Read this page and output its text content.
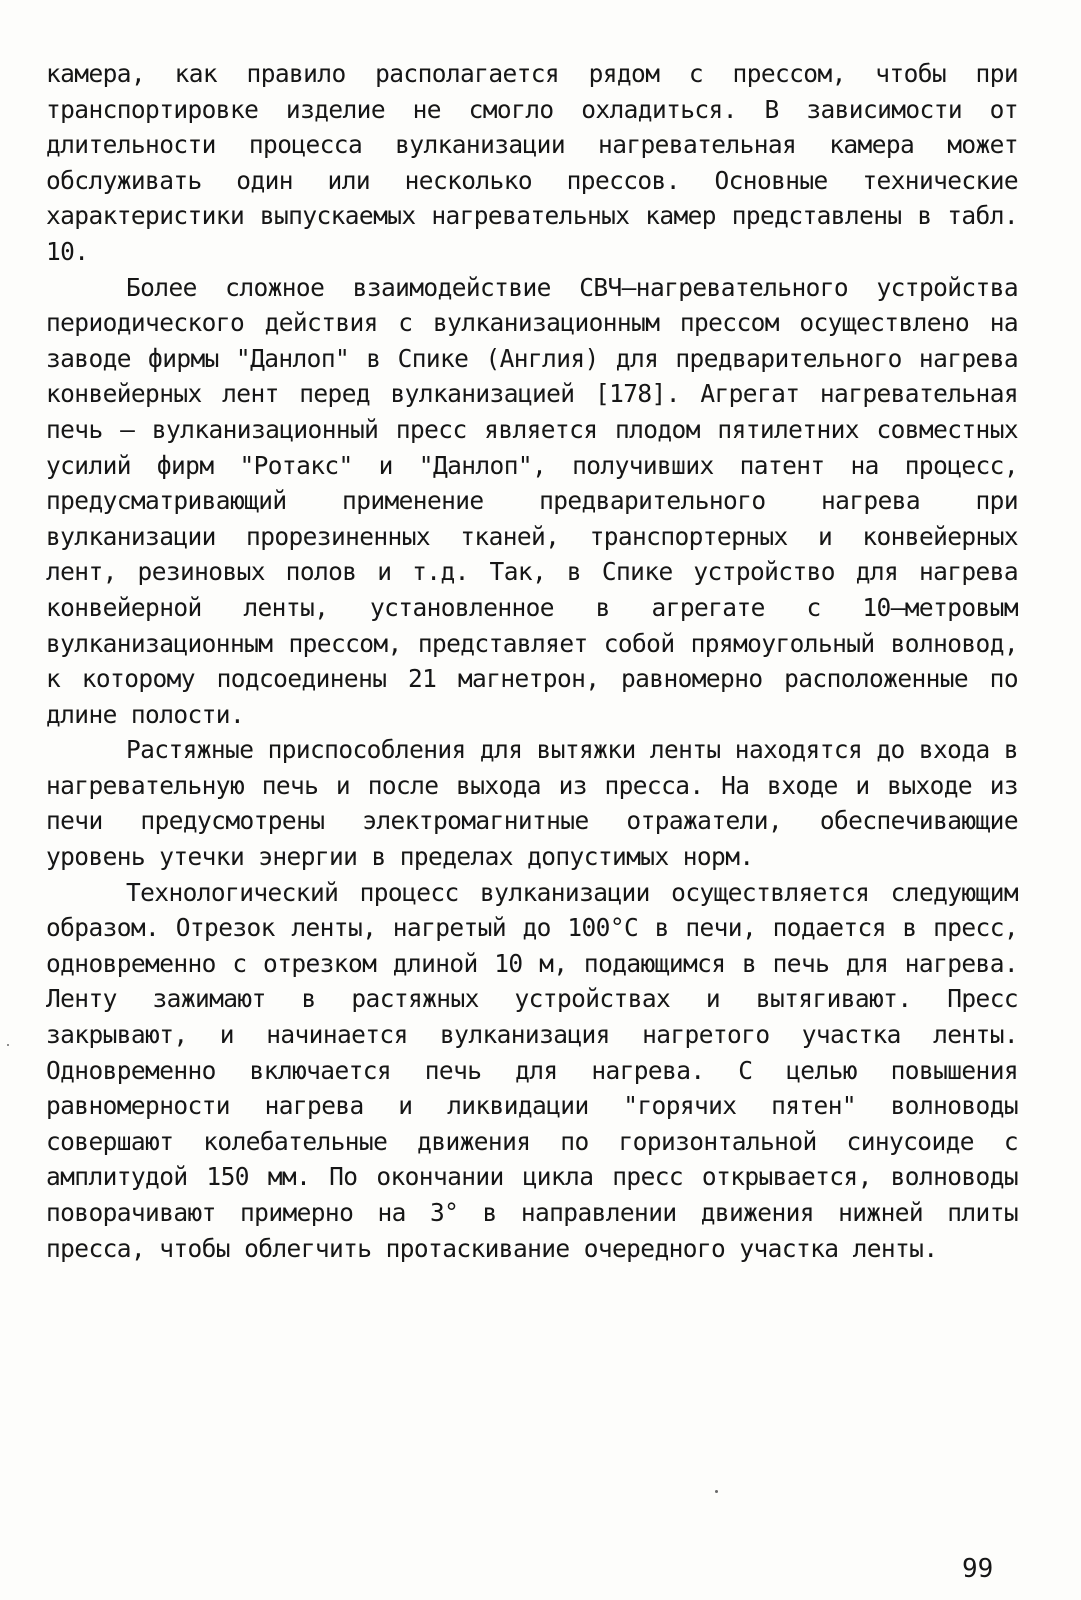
камера, как правило располагается рядом с прессом, чтобы при транспортировке изделие не смогло охладиться. В зависимости от длительности процесса вулканизации нагревательная камера может обслуживать один или несколько прессов. Основные технические характеристики выпускаемых нагревательных камер представлены в табл. 10.

Более сложное взаимодействие СВЧ–нагревательного устройства периодического действия с вулканизационным прессом осуществлено на заводе фирмы "Данлоп" в Спике (Англия) для предварительного нагрева конвейерных лент перед вулканизацией [178]. Агрегат нагревательная печь – вулканизационный пресс является плодом пятилетних совместных усилий фирм "Ротакс" и "Данлоп", получивших патент на процесс, предусматривающий применение предварительного нагрева при вулканизации прорезиненных тканей, транспортерных и конвейерных лент, резиновых полов и т.д. Так, в Спике устройство для нагрева конвейерной ленты, установленное в агрегате с 10–метровым вулканизационным прессом, представляет собой прямоугольный волновод, к которому подсоединены 21 магнетрон, равномерно расположенные по длине полости.

Растяжные приспособления для вытяжки ленты находятся до входа в нагревательную печь и после выхода из пресса. На входе и выходе из печи предусмотрены электромагнитные отражатели, обеспечивающие уровень утечки энергии в пределах допустимых норм.

Технологический процесс вулканизации осуществляется следующим образом. Отрезок ленты, нагретый до 100°С в печи, подается в пресс, одновременно с отрезком длиной 10 м, подающимся в печь для нагрева. Ленту зажимают в растяжных устройствах и вытягивают. Пресс закрывают, и начинается вулканизация нагретого участка ленты. Одновременно включается печь для нагрева. С целью повышения равномерности нагрева и ликвидации "горячих пятен" волноводы совершают колебательные движения по горизонтальной синусоиде с амплитудой 150 мм. По окончании цикла пресс открывается, волноводы поворачивают примерно на 3° в направлении движения нижней плиты пресса, чтобы облегчить протаскивание очередного участка ленты.

99
